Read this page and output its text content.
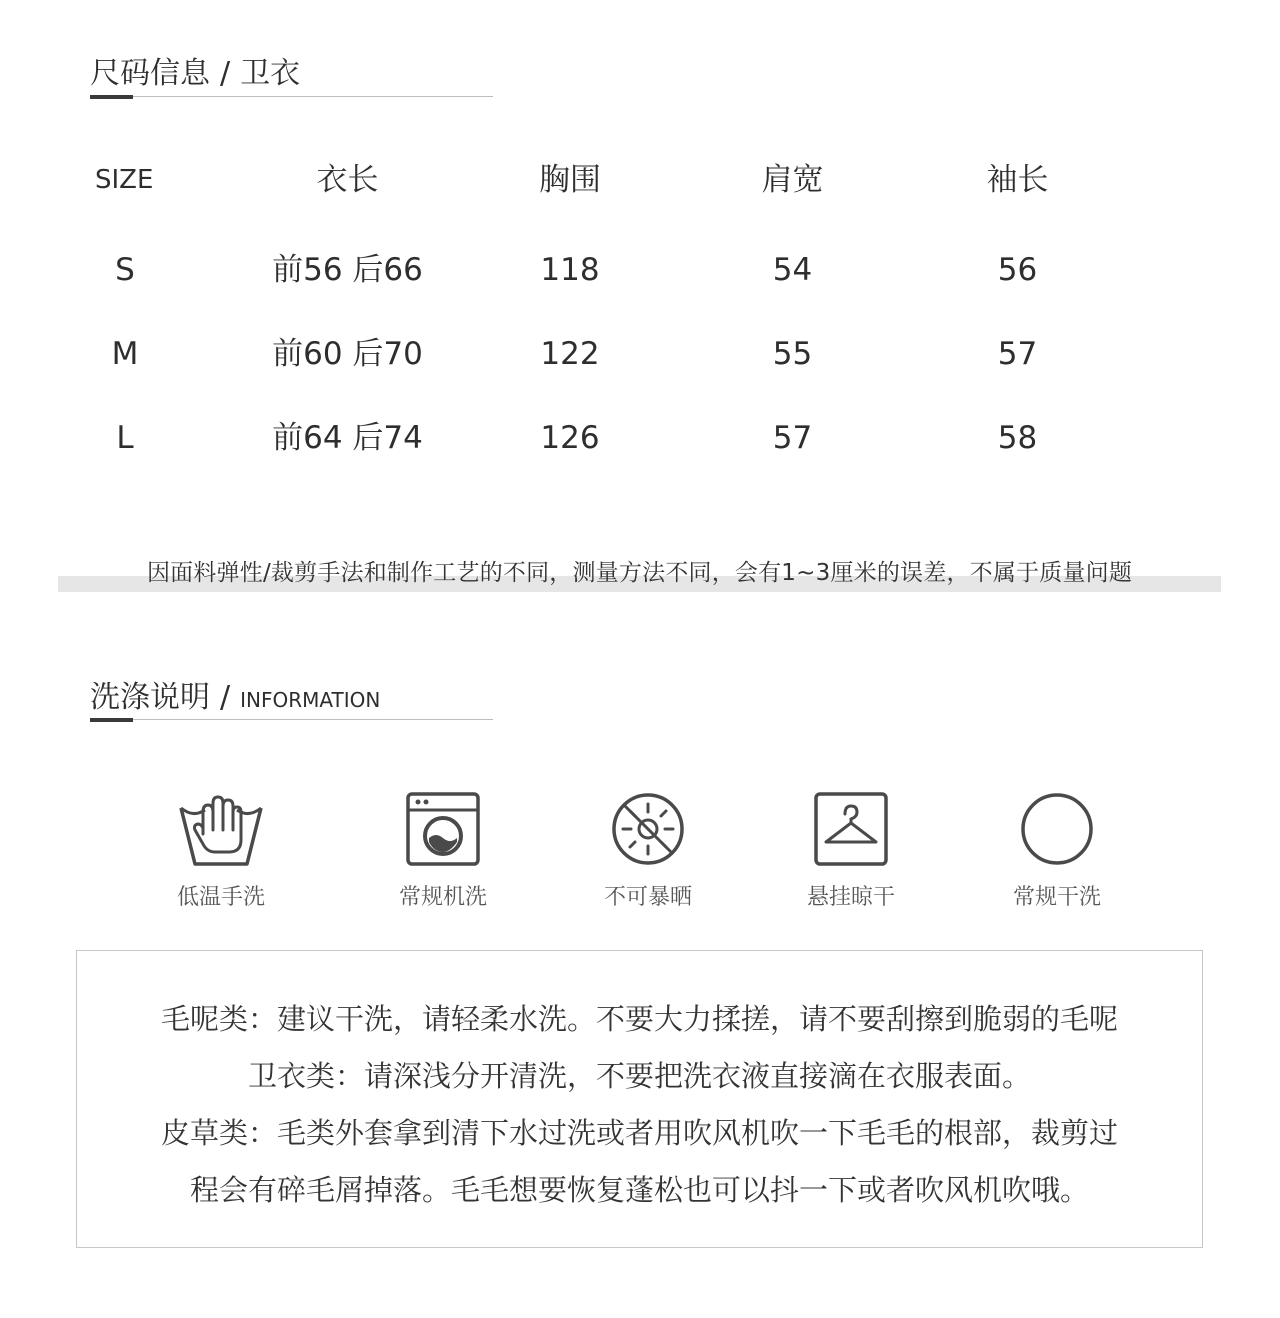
尺码信息 / 卫衣
SIZE	衣长	胸围	肩宽	袖长
S	前56 后66	118	54	56
M	前60 后70	122	55	57
L	前64 后74	126	57	58
因面料弹性/裁剪手法和制作工艺的不同，测量方法不同，会有1~3厘米的误差，不属于质量问题
洗涤说明 / INFORMATION
低温手洗	常规机洗	不可暴晒	悬挂晾干	常规干洗
毛呢类：建议干洗，请轻柔水洗。不要大力揉搓，请不要刮擦到脆弱的毛呢
卫衣类：请深浅分开清洗，不要把洗衣液直接滴在衣服表面。
皮草类：毛类外套拿到清下水过洗或者用吹风机吹一下毛毛的根部，裁剪过
程会有碎毛屑掉落。毛毛想要恢复蓬松也可以抖一下或者吹风机吹哦。
